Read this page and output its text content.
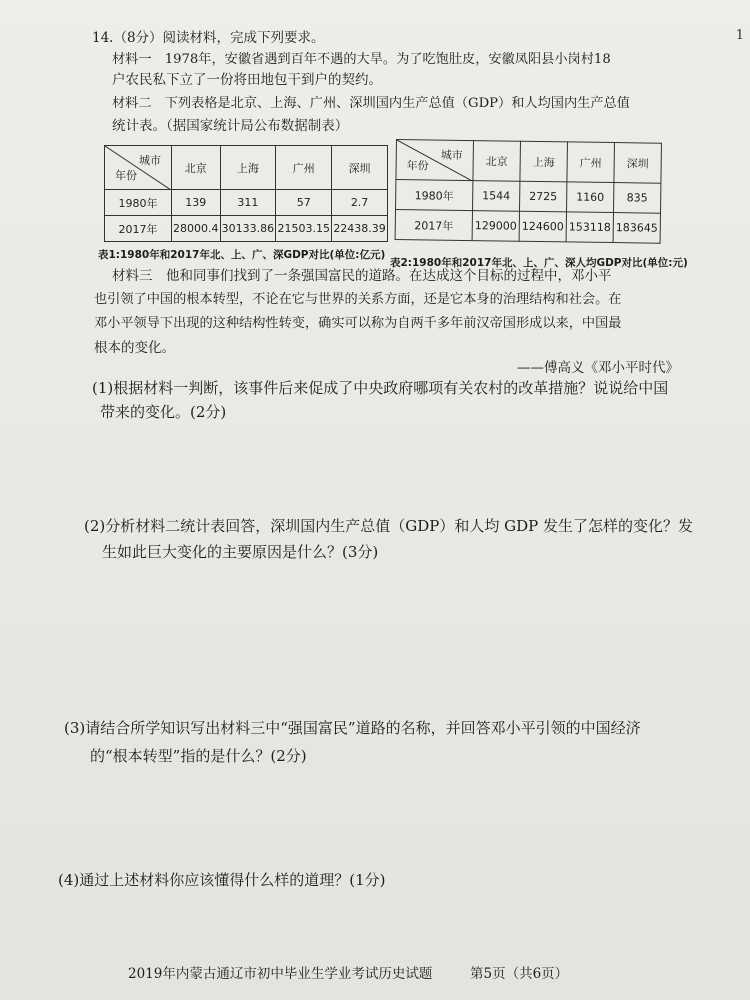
1
14.（8分）阅读材料，完成下列要求。
材料一　1978年，安徽省遇到百年不遇的大旱。为了吃饱肚皮，安徽凤阳县小岗村18
户农民私下立了一份将田地包干到户的契约。
材料二　下列表格是北京、上海、广州、深圳国内生产总值（GDP）和人均国内生产总值
统计表。（据国家统计局公布数据制表）
城市
年份	北京	上海	广州	深圳
1980年	139	311	57	2.7
2017年	28000.4	30133.86	21503.15	22438.39
城市
年份	北京	上海	广州	深圳
1980年	1544	2725	1160	835
2017年	129000	124600	153118	183645
表1:1980年和2017年北、上、广、深GDP对比(单位:亿元)
表2:1980年和2017年北、上、广、深人均GDP对比(单位:元)
材料三　他和同事们找到了一条强国富民的道路。在达成这个目标的过程中，邓小平
也引领了中国的根本转型，不论在它与世界的关系方面，还是它本身的治理结构和社会。在
邓小平领导下出现的这种结构性转变，确实可以称为自两千多年前汉帝国形成以来，中国最
根本的变化。
——傅高义《邓小平时代》
(1)根据材料一判断，该事件后来促成了中央政府哪项有关农村的改革措施？说说给中国
带来的变化。(2分)
(2)分析材料二统计表回答，深圳国内生产总值（GDP）和人均 GDP 发生了怎样的变化？发
生如此巨大变化的主要原因是什么？(3分)
(3)请结合所学知识写出材料三中“强国富民”道路的名称，并回答邓小平引领的中国经济
的“根本转型”指的是什么？(2分)
(4)通过上述材料你应该懂得什么样的道理？(1分)
2019年内蒙古通辽市初中毕业生学业考试历史试题	第5页（共6页）
